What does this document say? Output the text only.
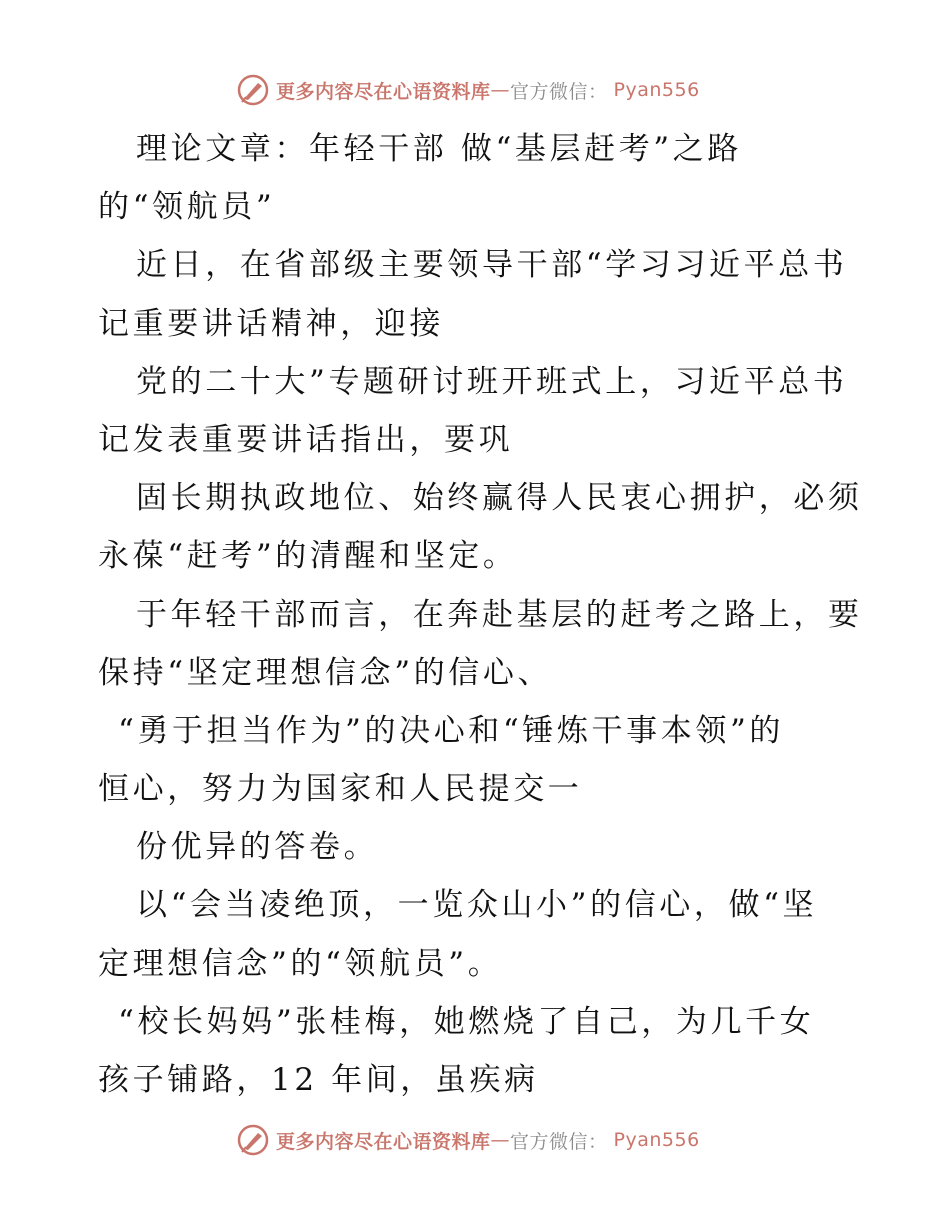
更多内容尽在心语资料库 — 官方微信： Pyan556
理论文章：年轻干部 做“基层赶考”之路
的“领航员”
近日，在省部级主要领导干部“学习习近平总书
记重要讲话精神，迎接
党的二十大”专题研讨班开班式上，习近平总书
记发表重要讲话指出，要巩
固长期执政地位、始终赢得人民衷心拥护，必须
永葆“赶考”的清醒和坚定。
于年轻干部而言，在奔赴基层的赶考之路上，要
保持“坚定理想信念”的信心、
“勇于担当作为”的决心和“锤炼干事本领”的
恒心，努力为国家和人民提交一
份优异的答卷。
以“会当凌绝顶，一览众山小”的信心，做“坚
定理想信念”的“领航员”。
“校长妈妈”张桂梅，她燃烧了自己，为几千女
孩子铺路，12 年间，虽疾病
更多内容尽在心语资料库 — 官方微信： Pyan556
